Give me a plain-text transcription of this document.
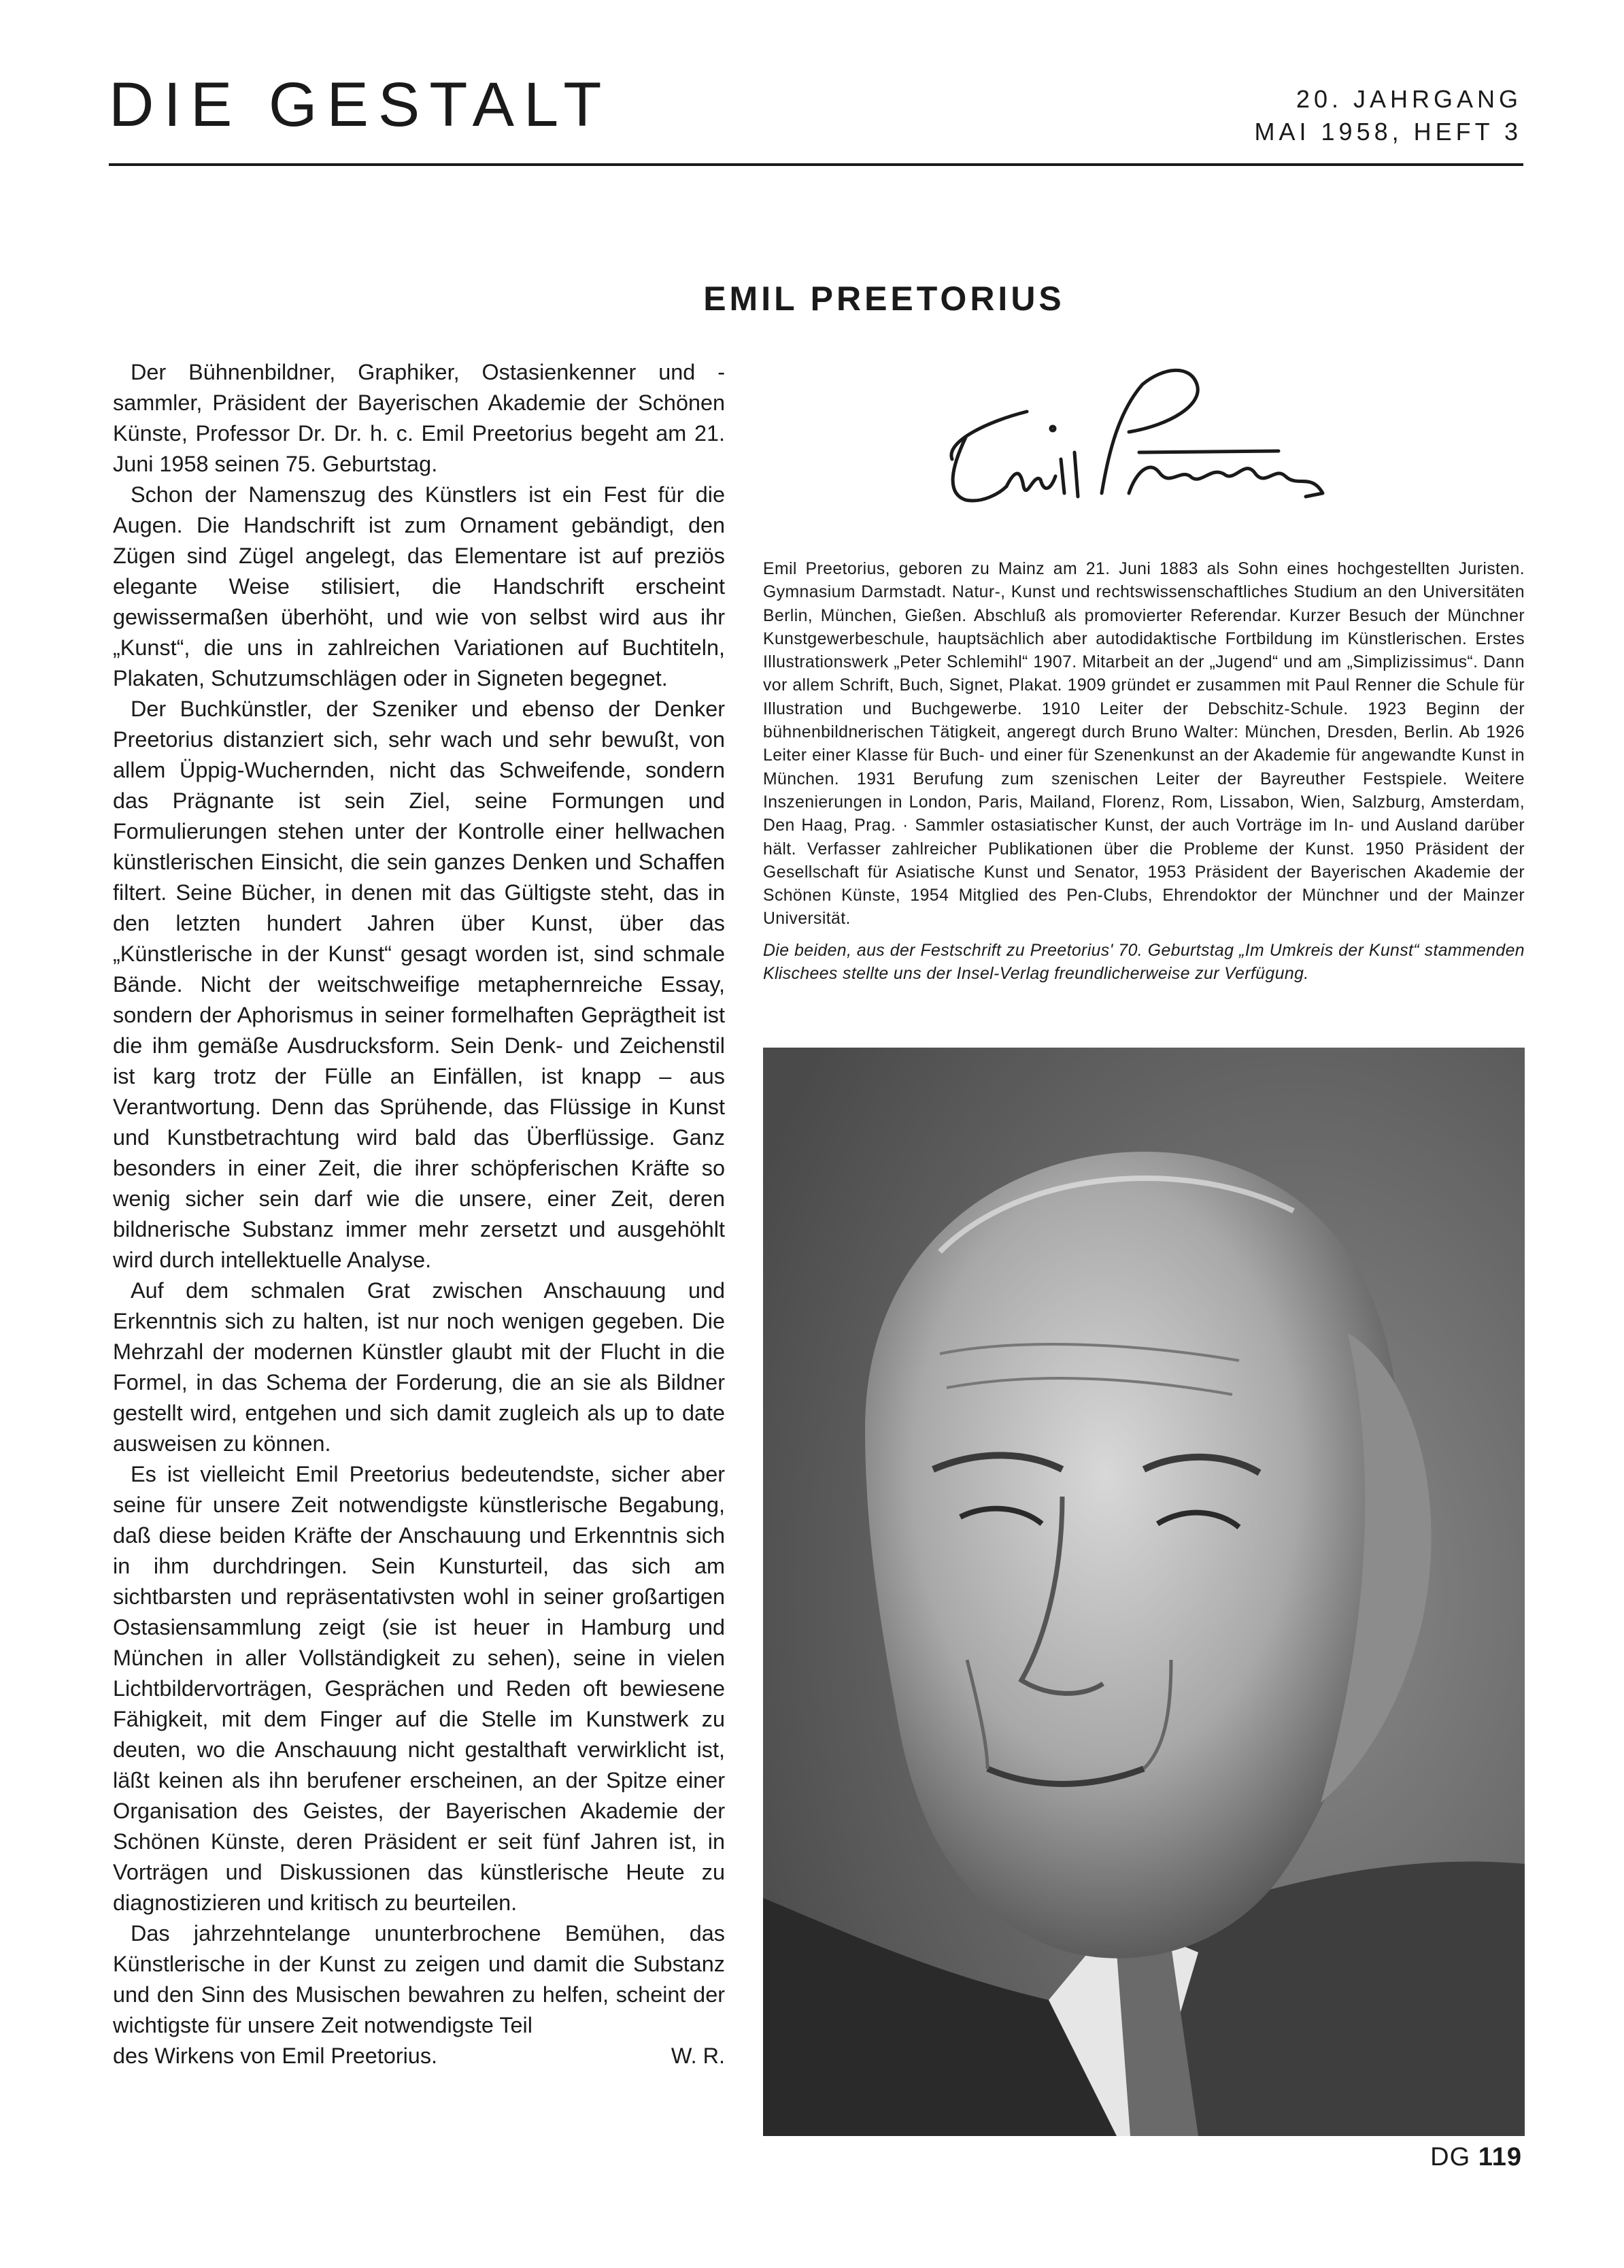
DIE GESTALT	20. JAHRGANG
MAI 1958, HEFT 3
EMIL PREETORIUS

Der Bühnenbildner, Graphiker, Ostasienkenner und -sammler, Präsident der Bayerischen Akademie der Schönen Künste, Professor Dr. Dr. h. c. Emil Preetorius begeht am 21. Juni 1958 seinen 75. Geburtstag.

Schon der Namenszug des Künstlers ist ein Fest für die Augen. Die Handschrift ist zum Ornament gebändigt, den Zügen sind Zügel angelegt, das Elementare ist auf preziös elegante Weise stilisiert, die Handschrift erscheint gewissermaßen überhöht, und wie von selbst wird aus ihr „Kunst“, die uns in zahlreichen Variationen auf Buchtiteln, Plakaten, Schutzumschlägen oder in Signeten begegnet.

Der Buchkünstler, der Szeniker und ebenso der Denker Preetorius distanziert sich, sehr wach und sehr bewußt, von allem Üppig-Wuchernden, nicht das Schweifende, sondern das Prägnante ist sein Ziel, seine Formungen und Formulierungen stehen unter der Kontrolle einer hellwachen künstlerischen Einsicht, die sein ganzes Denken und Schaffen filtert. Seine Bücher, in denen mit das Gültigste steht, das in den letzten hundert Jahren über Kunst, über das „Künstlerische in der Kunst“ gesagt worden ist, sind schmale Bände. Nicht der weitschweifige metaphernreiche Essay, sondern der Aphorismus in seiner formelhaften Geprägtheit ist die ihm gemäße Ausdrucksform. Sein Denk- und Zeichenstil ist karg trotz der Fülle an Einfällen, ist knapp – aus Verantwortung. Denn das Sprühende, das Flüssige in Kunst und Kunstbetrachtung wird bald das Überflüssige. Ganz besonders in einer Zeit, die ihrer schöpferischen Kräfte so wenig sicher sein darf wie die unsere, einer Zeit, deren bildnerische Substanz immer mehr zersetzt und ausgehöhlt wird durch intellektuelle Analyse.

Auf dem schmalen Grat zwischen Anschauung und Erkenntnis sich zu halten, ist nur noch wenigen gegeben. Die Mehrzahl der modernen Künstler glaubt mit der Flucht in die Formel, in das Schema der Forderung, die an sie als Bildner gestellt wird, entgehen und sich damit zugleich als up to date ausweisen zu können.

Es ist vielleicht Emil Preetorius bedeutendste, sicher aber seine für unsere Zeit notwendigste künstlerische Begabung, daß diese beiden Kräfte der Anschauung und Erkenntnis sich in ihm durchdringen. Sein Kunsturteil, das sich am sichtbarsten und repräsentativsten wohl in seiner großartigen Ostasiensammlung zeigt (sie ist heuer in Hamburg und München in aller Vollständigkeit zu sehen), seine in vielen Lichtbildervorträgen, Gesprächen und Reden oft bewiesene Fähigkeit, mit dem Finger auf die Stelle im Kunstwerk zu deuten, wo die Anschauung nicht gestalthaft verwirklicht ist, läßt keinen als ihn berufener erscheinen, an der Spitze einer Organisation des Geistes, der Bayerischen Akademie der Schönen Künste, deren Präsident er seit fünf Jahren ist, in Vorträgen und Diskussionen das künstlerische Heute zu diagnostizieren und kritisch zu beurteilen.

Das jahrzehntelange ununterbrochene Bemühen, das Künstlerische in der Kunst zu zeigen und damit die Substanz und den Sinn des Musischen bewahren zu helfen, scheint der wichtigste für unsere Zeit notwendigste Teil

des Wirkens von Emil Preetorius.	W. R.

Emil Preetorius, geboren zu Mainz am 21. Juni 1883 als Sohn eines hochgestellten Juristen. Gymnasium Darmstadt. Natur-, Kunst und rechtswissenschaftliches Studium an den Universitäten Berlin, München, Gießen. Abschluß als promovierter Referendar. Kurzer Besuch der Münchner Kunstgewerbeschule, hauptsächlich aber autodidaktische Fortbildung im Künstlerischen. Erstes Illustrationswerk „Peter Schlemihl“ 1907. Mitarbeit an der „Jugend“ und am „Simplizissimus“. Dann vor allem Schrift, Buch, Signet, Plakat. 1909 gründet er zusammen mit Paul Renner die Schule für Illustration und Buchgewerbe. 1910 Leiter der Debschitz-Schule. 1923 Beginn der bühnenbildnerischen Tätigkeit, angeregt durch Bruno Walter: München, Dresden, Berlin. Ab 1926 Leiter einer Klasse für Buch- und einer für Szenenkunst an der Akademie für angewandte Kunst in München. 1931 Berufung zum szenischen Leiter der Bayreuther Festspiele. Weitere Inszenierungen in London, Paris, Mailand, Florenz, Rom, Lissabon, Wien, Salzburg, Amsterdam, Den Haag, Prag. · Sammler ostasiatischer Kunst, der auch Vorträge im In- und Ausland darüber hält. Verfasser zahlreicher Publikationen über die Probleme der Kunst. 1950 Präsident der Gesellschaft für Asiatische Kunst und Senator, 1953 Präsident der Bayerischen Akademie der Schönen Künste, 1954 Mitglied des Pen-Clubs, Ehrendoktor der Münchner und der Mainzer Universität.

Die beiden, aus der Festschrift zu Preetorius' 70. Geburtstag „Im Umkreis der Kunst“ stammenden Klischees stellte uns der Insel-Verlag freundlicherweise zur Verfügung.

DG 119
